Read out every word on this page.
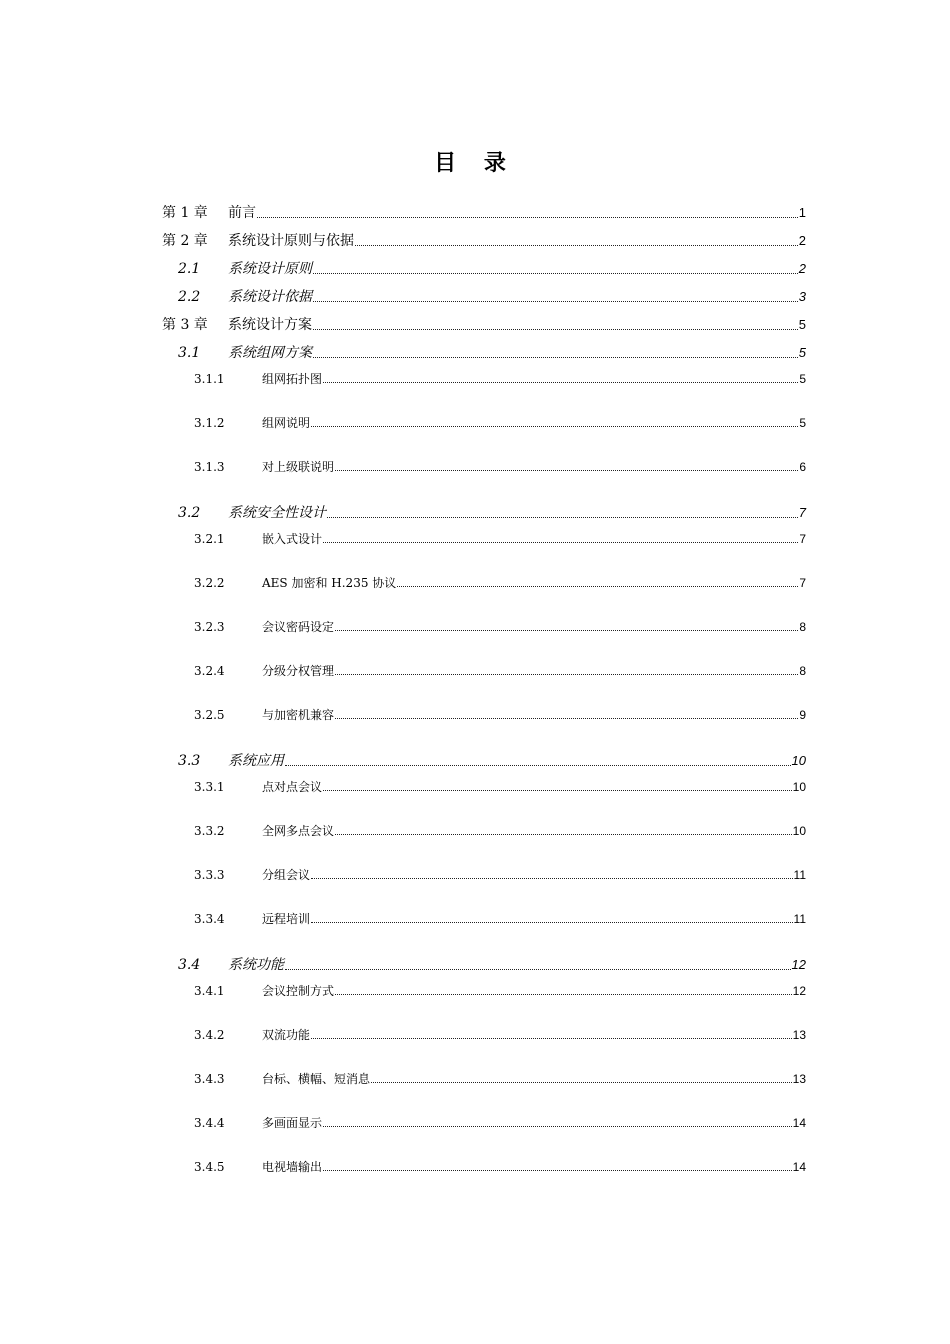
目 录
第 1 章	前言	1
第 2 章	系统设计原则与依据	2
2.1	系统设计原则	2
2.2	系统设计依据	3
第 3 章	系统设计方案	5
3.1	系统组网方案	5
3.1.1	组网拓扑图	5
3.1.2	组网说明	5
3.1.3	对上级联说明	6
3.2	系统安全性设计	7
3.2.1	嵌入式设计	7
3.2.2	AES 加密和 H.235 协议	7
3.2.3	会议密码设定	8
3.2.4	分级分权管理	8
3.2.5	与加密机兼容	9
3.3	系统应用	10
3.3.1	点对点会议	10
3.3.2	全网多点会议	10
3.3.3	分组会议	11
3.3.4	远程培训	11
3.4	系统功能	12
3.4.1	会议控制方式	12
3.4.2	双流功能	13
3.4.3	台标、横幅、短消息	13
3.4.4	多画面显示	14
3.4.5	电视墙输出	14
